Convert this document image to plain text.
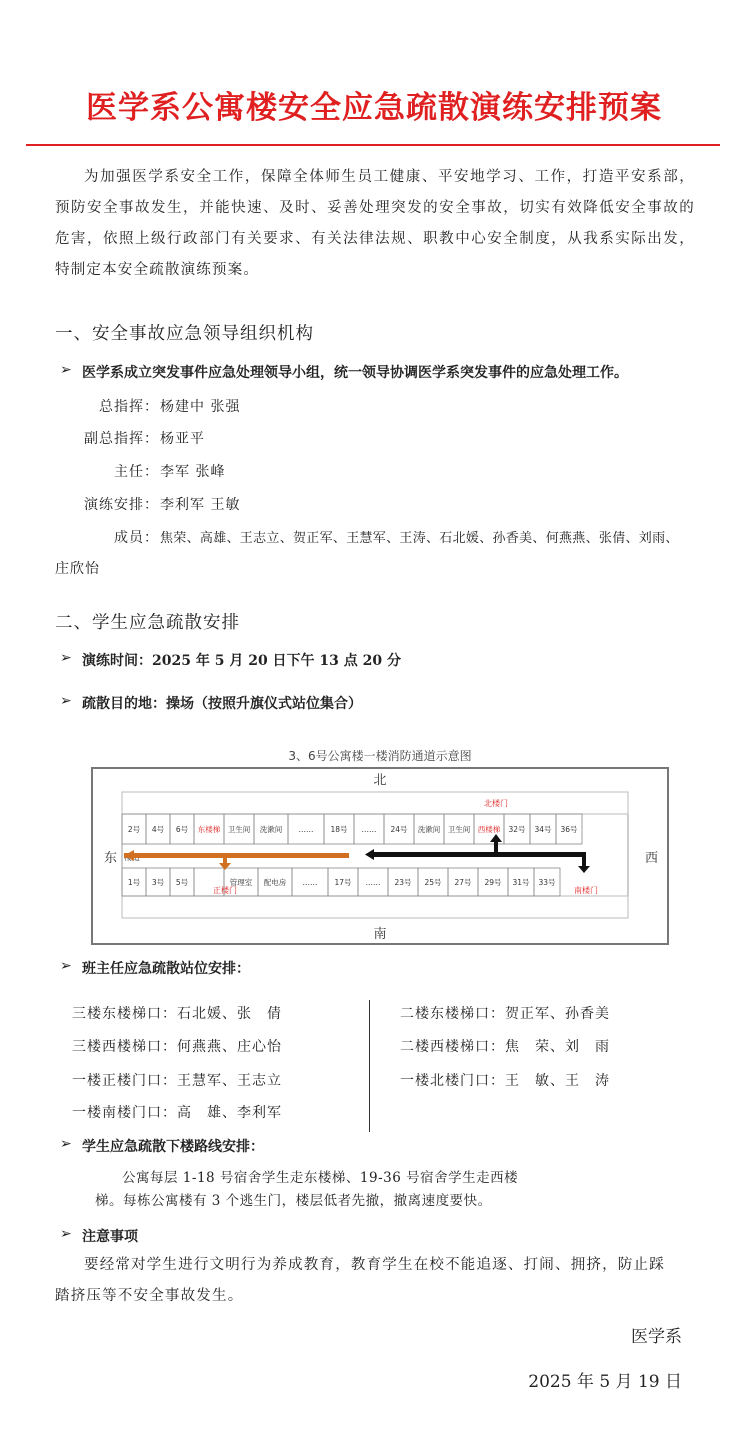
医学系公寓楼安全应急疏散演练安排预案

为加强医学系安全工作，保障全体师生员工健康、平安地学习、工作，打造平安系部，预防安全事故发生，并能快速、及时、妥善处理突发的安全事故，切实有效降低安全事故的危害，依照上级行政部门有关要求、有关法律法规、职教中心安全制度，从我系实际出发，特制定本安全疏散演练预案。

一、安全事故应急领导组织机构

➢ 医学系成立突发事件应急处理领导小组，统一领导协调医学系突发事件的应急处理工作。

总指挥： 杨建中 张强

副总指挥： 杨亚平

主任： 李军 张峰

演练安排： 李利军 王敏

成员： 焦荣、高雄、王志立、贺正军、王慧军、王涛、石北媛、孙香美、何燕燕、张倩、刘雨、

庄欣怡

二、学生应急疏散安排

➢ 演练时间：2025 年 5 月 20 日下午 13 点 20 分

➢ 疏散目的地：操场（按照升旗仪式站位集合）

3、6号公寓楼一楼消防通道示意图
北
南
东	西
2号 4号 6号 东楼梯 卫生间 洗漱间 …… 18号 …… 24号 洗漱间 卫生间 西楼梯 32号 34号 36号
1号 3号 5号	管理室 配电房 …… 17号 …… 23号 25号 27号 29号 31号 33号
北楼门
正楼门	南楼门

➢ 班主任应急疏散站位安排：

三楼东楼梯口：石北媛、张　倩

三楼西楼梯口：何燕燕、庄心怡

一楼正楼门口：王慧军、王志立

一楼南楼门口：高　雄、李利军

二楼东楼梯口：贺正军、孙香美

二楼西楼梯口：焦　荣、刘　雨

一楼北楼门口：王　敏、王　涛

➢ 学生应急疏散下楼路线安排：

公寓每层 1-18 号宿舍学生走东楼梯、19-36 号宿舍学生走西楼

梯。每栋公寓楼有 3 个逃生门，楼层低者先撤，撤离速度要快。

➢ 注意事项

要经常对学生进行文明行为养成教育，教育学生在校不能追逐、打闹、拥挤，防止踩踏挤压等不安全事故发生。

医学系

2025 年 5 月 19 日
